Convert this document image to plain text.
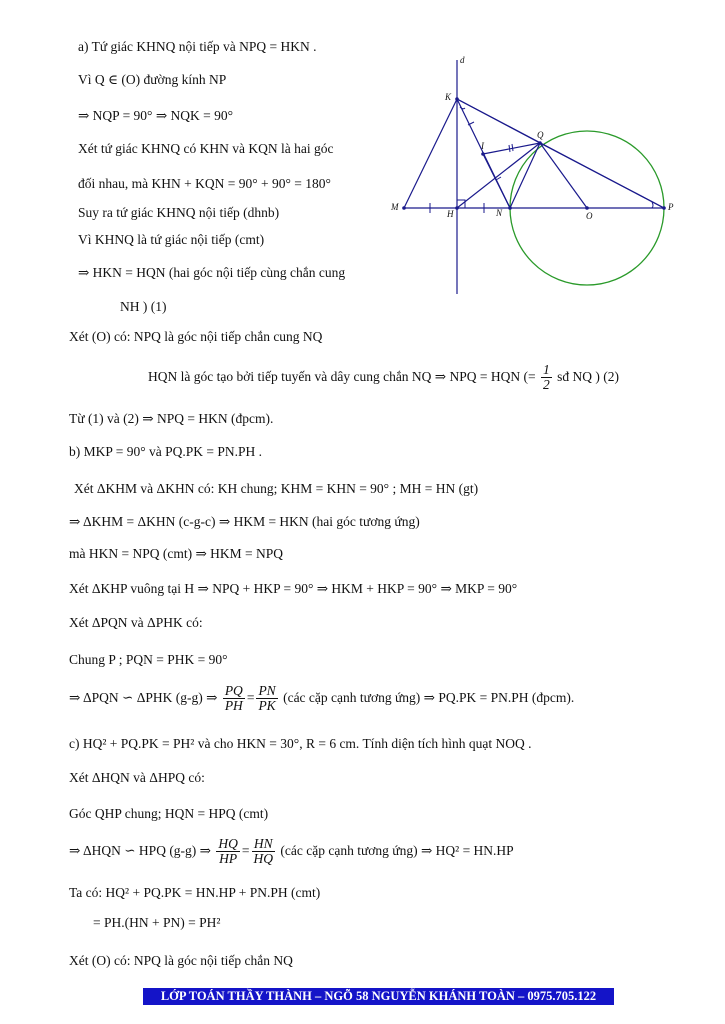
a) Tứ giác KHNQ nội tiếp và NPQ = HKN .
Vì Q ∈ (O) đường kính NP
⇒ NQP = 90° ⇒ NQK = 90°
Xét tứ giác KHNQ có KHN và KQN là hai góc
đối nhau, mà KHN + KQN = 90° + 90° = 180°
Suy ra tứ giác KHNQ nội tiếp (dhnb)
Vì KHNQ là tứ giác nội tiếp (cmt)
⇒ HKN = HQN (hai góc nội tiếp cùng chắn cung
NH ) (1)
Xét (O) có: NPQ là góc nội tiếp chắn cung NQ
HQN là góc tạo bởi tiếp tuyến và dây cung chắn NQ ⇒ NPQ = HQN (= $\frac{1}{2}$ sđ NQ ) (2)
Từ (1) và (2) ⇒ NPQ = HKN (đpcm).
b) MKP = 90° và PQ.PK = PN.PH .
Xét ΔKHM và ΔKHN có: KH chung; KHM = KHN = 90° ; MH = HN (gt)
⇒ ΔKHM = ΔKHN (c-g-c) ⇒ HKM = HKN (hai góc tương ứng)
mà HKN = NPQ (cmt) ⇒ HKM = NPQ
Xét ΔKHP vuông tại H ⇒ NPQ + HKP = 90° ⇒ HKM + HKP = 90° ⇒ MKP = 90°
Xét ΔPQN và ΔPHK có:
Chung P ; PQN = PHK = 90°
⇒ ΔPQN ∽ ΔPHK (g-g) ⇒ $\frac{PQ}{PH} = \frac{PN}{PK}$ (các cặp cạnh tương ứng) ⇒ PQ.PK = PN.PH (đpcm).
c) HQ² + PQ.PK = PH² và cho HKN = 30°, R = 6 cm. Tính diện tích hình quạt NOQ .
Xét ΔHQN và ΔHPQ có:
Góc QHP chung; HQN = HPQ (cmt)
⇒ ΔHQN ∽ HPQ (g-g) ⇒ $\frac{HQ}{HP} = \frac{HN}{HQ}$ (các cặp cạnh tương ứng) ⇒ HQ² = HN.HP
Ta có: HQ² + PQ.PK = HN.HP + PN.PH (cmt)
= PH.(HN + PN) = PH²
Xét (O) có: NPQ là góc nội tiếp chắn NQ
d
K
I
Q
M
H	N	O
P
LỚP TOÁN THẦY THÀNH – NGÕ 58 NGUYỄN KHÁNH TOÀN – 0975.705.122
